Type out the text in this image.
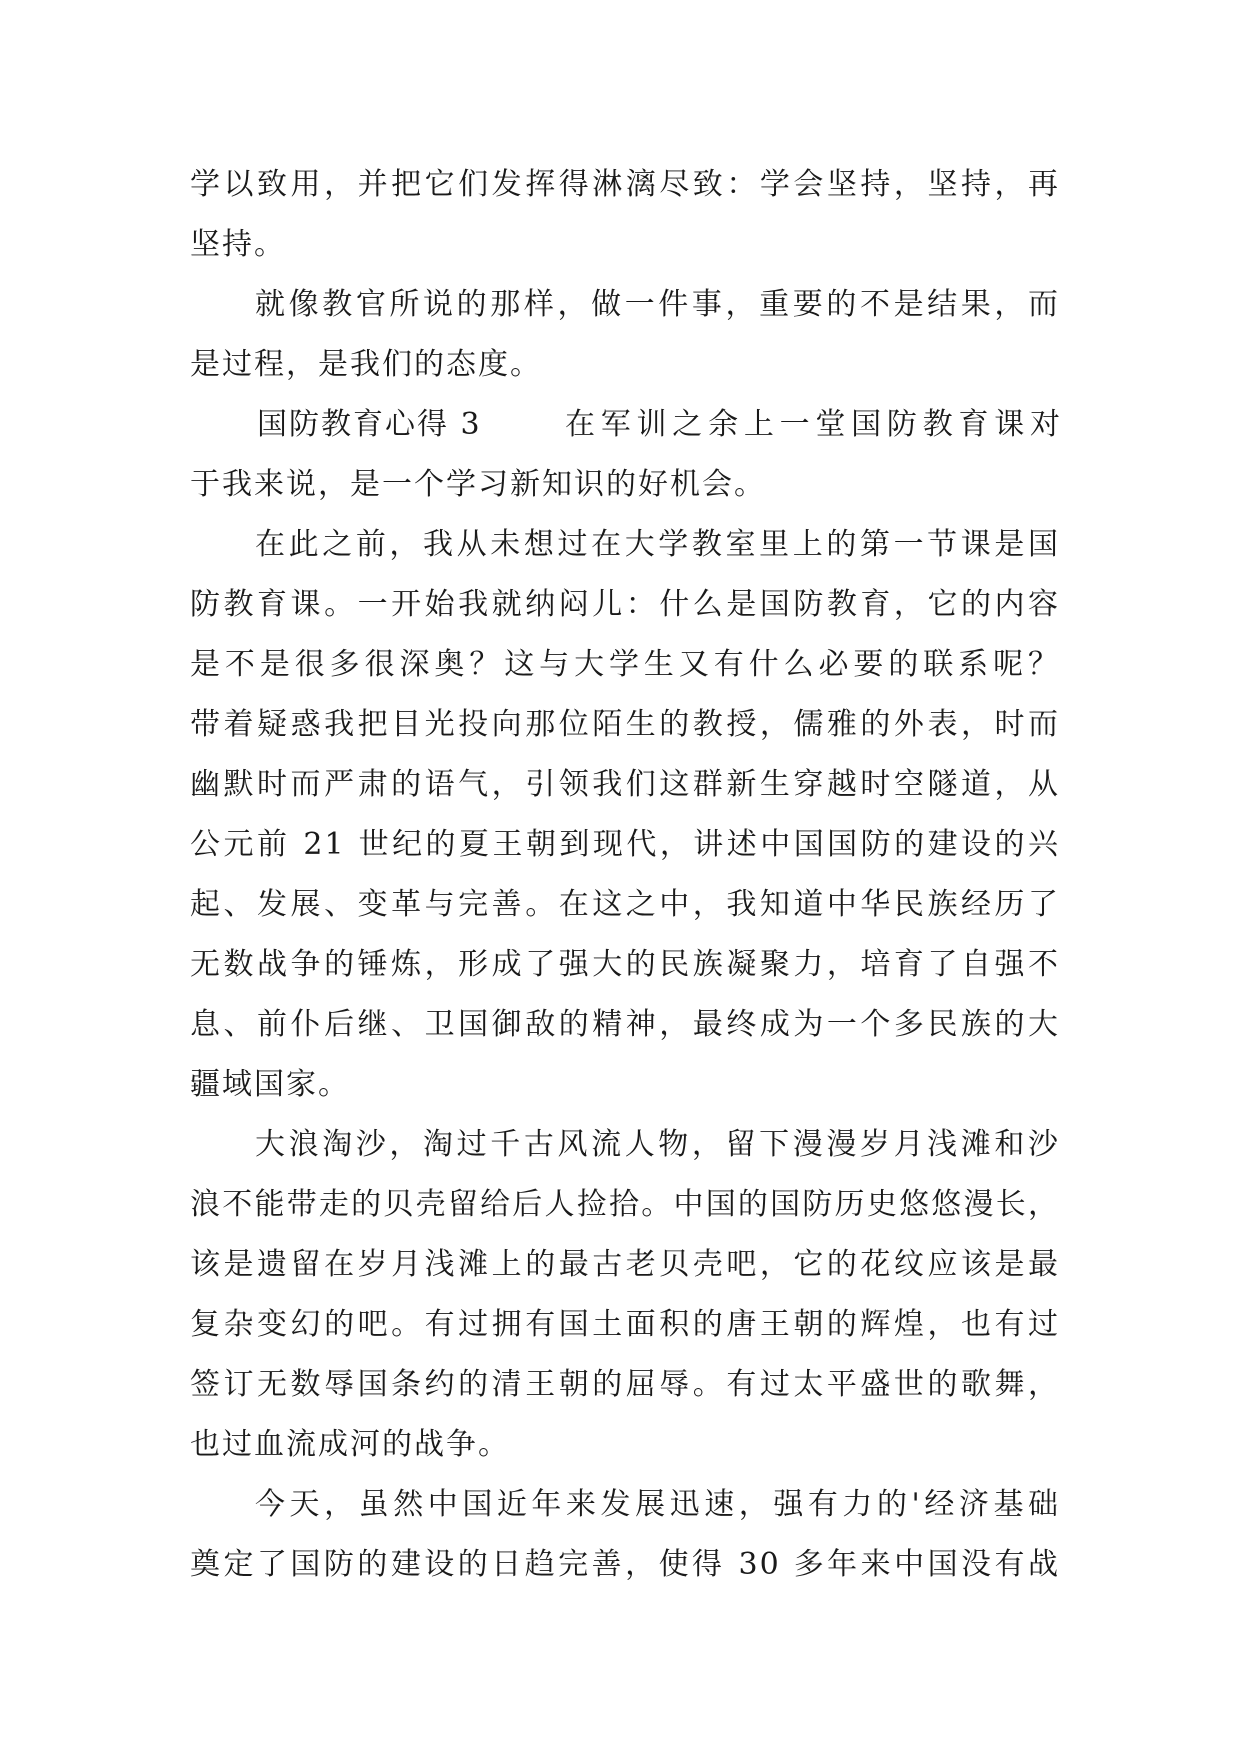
学以致用，并把它们发挥得淋漓尽致：学会坚持，坚持，再
坚持。
就像教官所说的那样，做一件事，重要的不是结果，而
是过程，是我们的态度。
国防教育心得 3	在军训之余上一堂国防教育课对
于我来说，是一个学习新知识的好机会。
在此之前，我从未想过在大学教室里上的第一节课是国
防教育课。一开始我就纳闷儿：什么是国防教育，它的内容
是不是很多很深奥？这与大学生又有什么必要的联系呢？
带着疑惑我把目光投向那位陌生的教授，儒雅的外表，时而
幽默时而严肃的语气，引领我们这群新生穿越时空隧道，从
公元前 21 世纪的夏王朝到现代，讲述中国国防的建设的兴
起、发展、变革与完善。在这之中，我知道中华民族经历了
无数战争的锤炼，形成了强大的民族凝聚力，培育了自强不
息、前仆后继、卫国御敌的精神，最终成为一个多民族的大
疆域国家。
大浪淘沙，淘过千古风流人物，留下漫漫岁月浅滩和沙
浪不能带走的贝壳留给后人捡拾。中国的国防历史悠悠漫长，
该是遗留在岁月浅滩上的最古老贝壳吧，它的花纹应该是最
复杂变幻的吧。有过拥有国土面积的唐王朝的辉煌，也有过
签订无数辱国条约的清王朝的屈辱。有过太平盛世的歌舞，
也过血流成河的战争。
今天，虽然中国近年来发展迅速，强有力的'经济基础
奠定了国防的建设的日趋完善，使得 30 多年来中国没有战
